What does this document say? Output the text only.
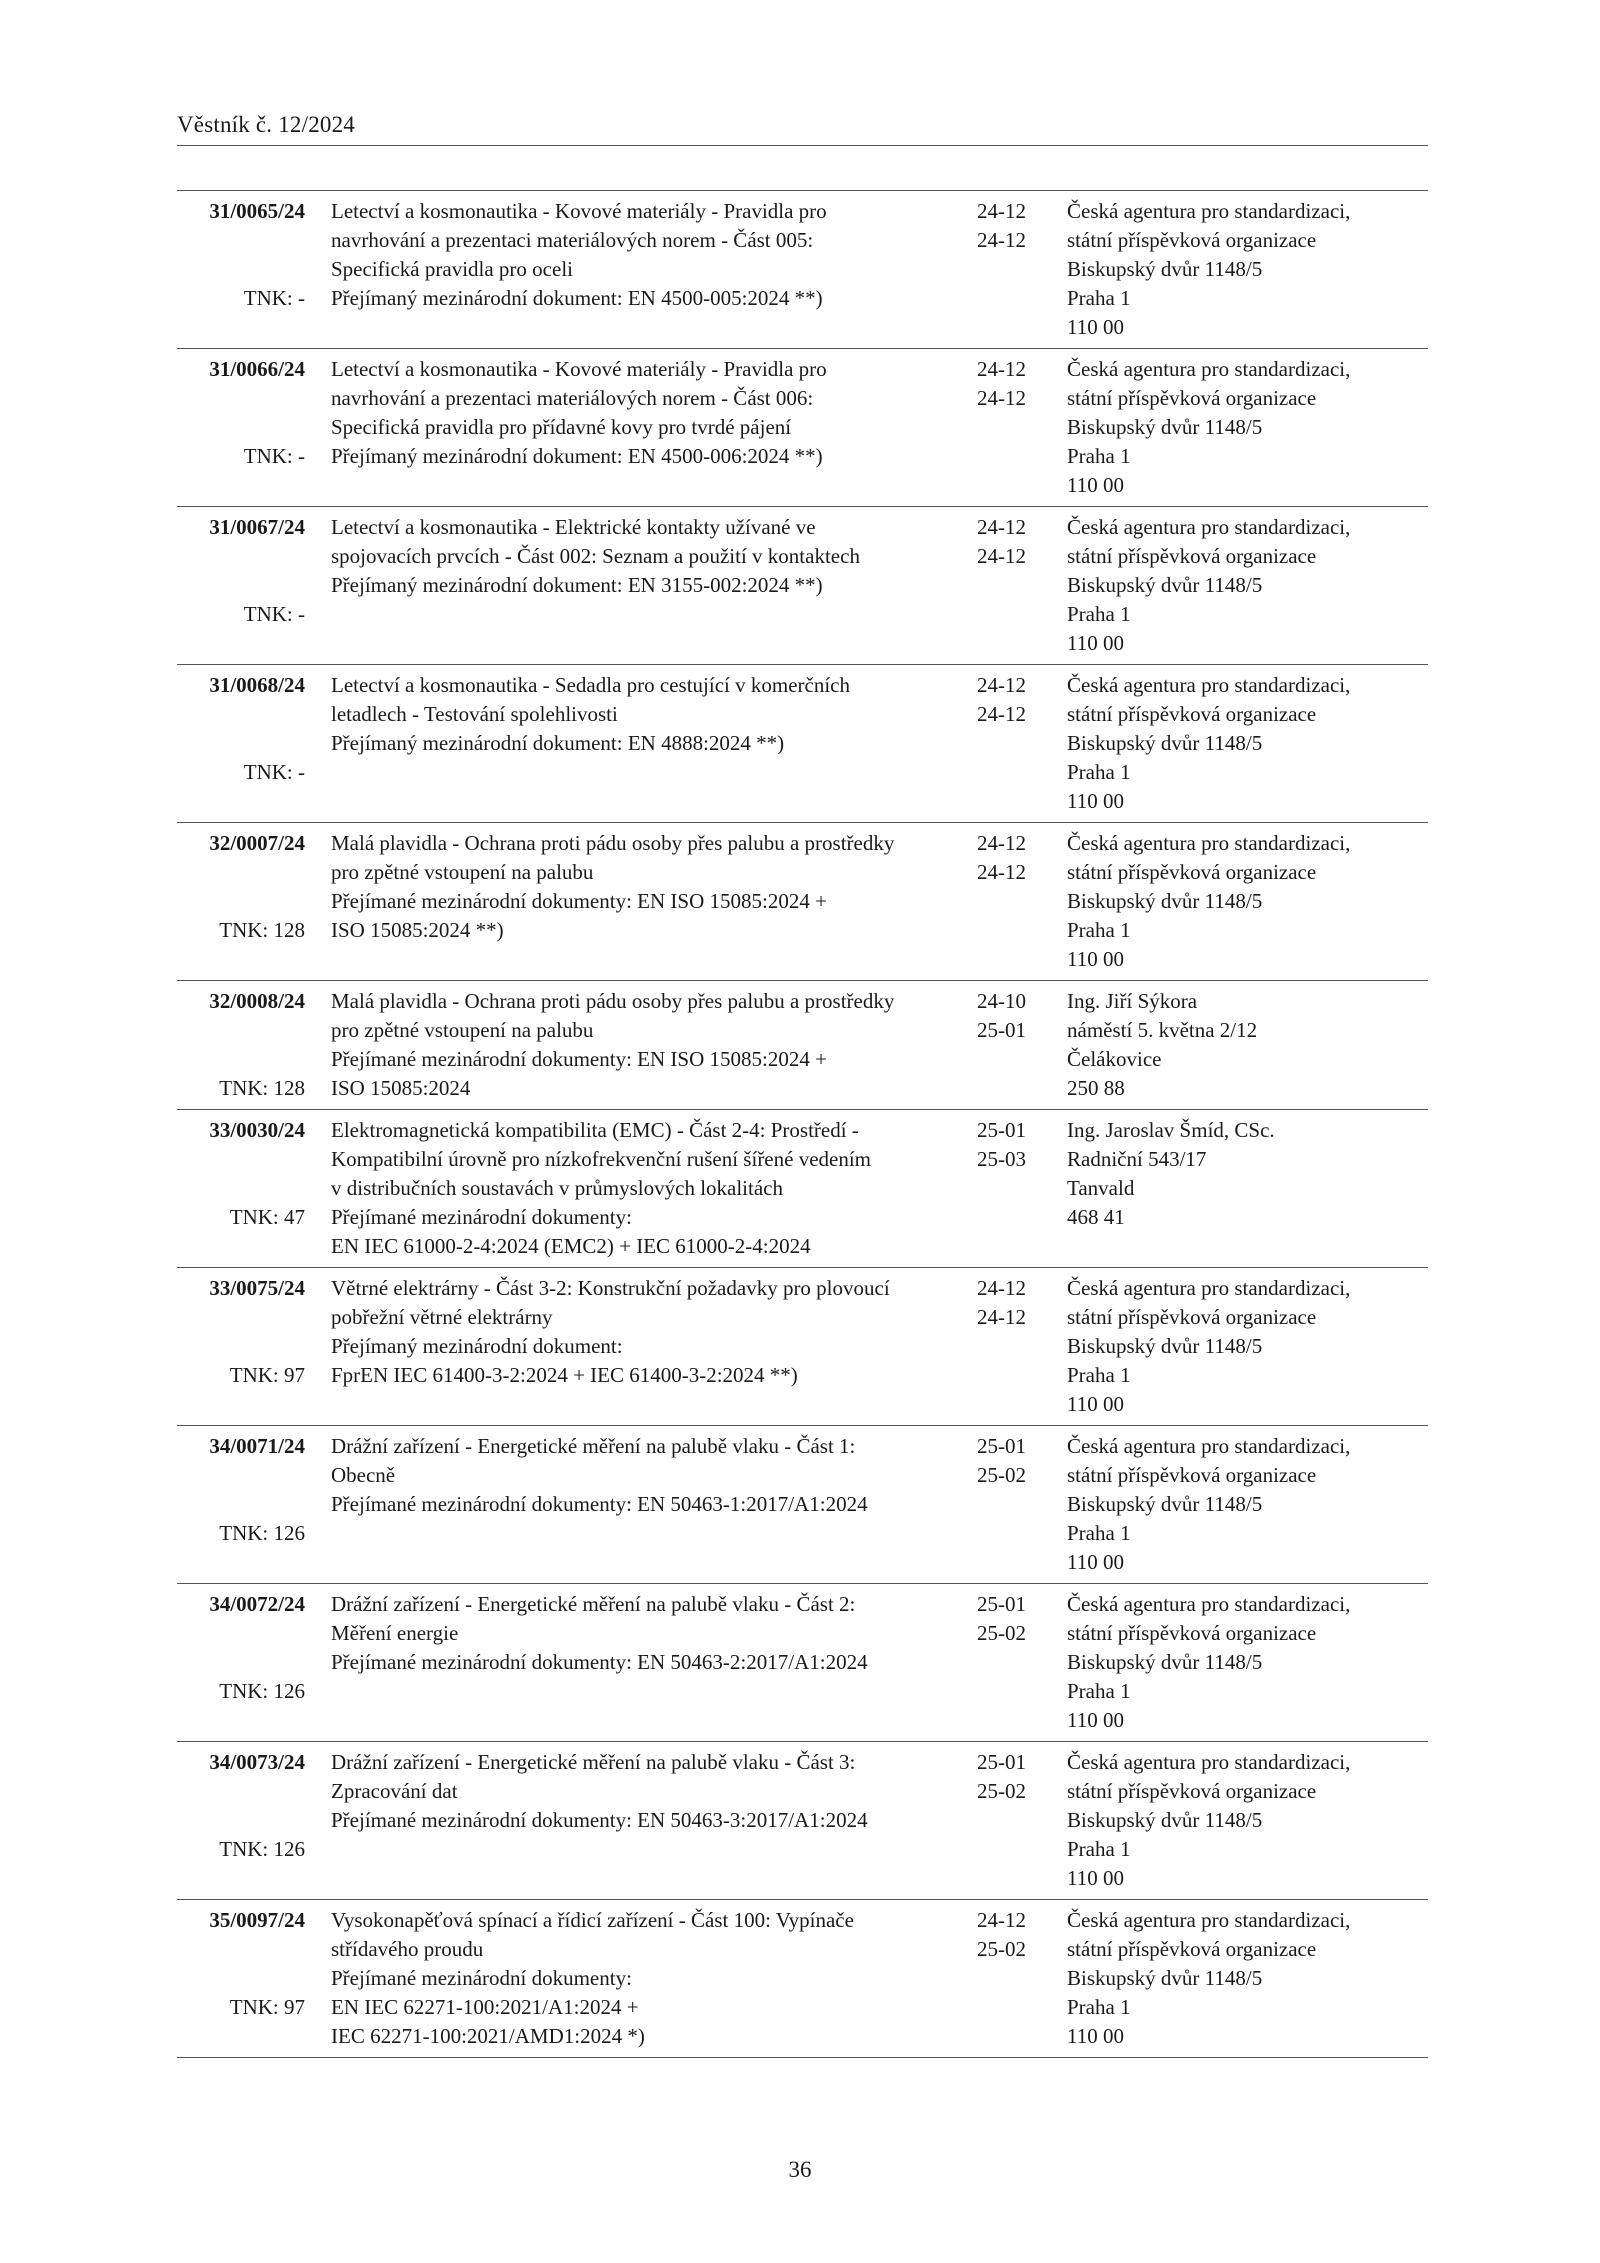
Věstník č. 12/2024
31/0065/24
TNK: -
Letectví a kosmonautika - Kovové materiály - Pravidla pro
navrhování a prezentaci materiálových norem - Část 005:
Specifická pravidla pro oceli
Přejímaný mezinárodní dokument: EN 4500-005:2024 **)
24-12
24-12
Česká agentura pro standardizaci,
státní příspěvková organizace
Biskupský dvůr 1148/5
Praha 1
110 00
31/0066/24
TNK: -
Letectví a kosmonautika - Kovové materiály - Pravidla pro
navrhování a prezentaci materiálových norem - Část 006:
Specifická pravidla pro přídavné kovy pro tvrdé pájení
Přejímaný mezinárodní dokument: EN 4500-006:2024 **)
24-12
24-12
Česká agentura pro standardizaci,
státní příspěvková organizace
Biskupský dvůr 1148/5
Praha 1
110 00
31/0067/24
TNK: -
Letectví a kosmonautika - Elektrické kontakty užívané ve
spojovacích prvcích - Část 002: Seznam a použití v kontaktech
Přejímaný mezinárodní dokument: EN 3155-002:2024 **)
24-12
24-12
Česká agentura pro standardizaci,
státní příspěvková organizace
Biskupský dvůr 1148/5
Praha 1
110 00
31/0068/24
TNK: -
Letectví a kosmonautika - Sedadla pro cestující v komerčních
letadlech - Testování spolehlivosti
Přejímaný mezinárodní dokument: EN 4888:2024 **)
24-12
24-12
Česká agentura pro standardizaci,
státní příspěvková organizace
Biskupský dvůr 1148/5
Praha 1
110 00
32/0007/24
TNK: 128
Malá plavidla - Ochrana proti pádu osoby přes palubu a prostředky
pro zpětné vstoupení na palubu
Přejímané mezinárodní dokumenty: EN ISO 15085:2024 +
ISO 15085:2024 **)
24-12
24-12
Česká agentura pro standardizaci,
státní příspěvková organizace
Biskupský dvůr 1148/5
Praha 1
110 00
32/0008/24
TNK: 128
Malá plavidla - Ochrana proti pádu osoby přes palubu a prostředky
pro zpětné vstoupení na palubu
Přejímané mezinárodní dokumenty: EN ISO 15085:2024 +
ISO 15085:2024
24-10
25-01
Ing. Jiří Sýkora
náměstí 5. května 2/12
Čelákovice
250 88
33/0030/24
TNK: 47
Elektromagnetická kompatibilita (EMC) - Část 2-4: Prostředí -
Kompatibilní úrovně pro nízkofrekvenční rušení šířené vedením
v distribučních soustavách v průmyslových lokalitách
Přejímané mezinárodní dokumenty:
EN IEC 61000-2-4:2024 (EMC2) + IEC 61000-2-4:2024
25-01
25-03
Ing. Jaroslav Šmíd, CSc.
Radniční 543/17
Tanvald
468 41
33/0075/24
TNK: 97
Větrné elektrárny - Část 3-2: Konstrukční požadavky pro plovoucí
pobřežní větrné elektrárny
Přejímaný mezinárodní dokument:
FprEN IEC 61400-3-2:2024 + IEC 61400-3-2:2024 **)
24-12
24-12
Česká agentura pro standardizaci,
státní příspěvková organizace
Biskupský dvůr 1148/5
Praha 1
110 00
34/0071/24
TNK: 126
Drážní zařízení - Energetické měření na palubě vlaku - Část 1:
Obecně
Přejímané mezinárodní dokumenty: EN 50463-1:2017/A1:2024
25-01
25-02
Česká agentura pro standardizaci,
státní příspěvková organizace
Biskupský dvůr 1148/5
Praha 1
110 00
34/0072/24
TNK: 126
Drážní zařízení - Energetické měření na palubě vlaku - Část 2:
Měření energie
Přejímané mezinárodní dokumenty: EN 50463-2:2017/A1:2024
25-01
25-02
Česká agentura pro standardizaci,
státní příspěvková organizace
Biskupský dvůr 1148/5
Praha 1
110 00
34/0073/24
TNK: 126
Drážní zařízení - Energetické měření na palubě vlaku - Část 3:
Zpracování dat
Přejímané mezinárodní dokumenty: EN 50463-3:2017/A1:2024
25-01
25-02
Česká agentura pro standardizaci,
státní příspěvková organizace
Biskupský dvůr 1148/5
Praha 1
110 00
35/0097/24
TNK: 97
Vysokonapěťová spínací a řídicí zařízení - Část 100: Vypínače
střídavého proudu
Přejímané mezinárodní dokumenty:
EN IEC 62271-100:2021/A1:2024 +
IEC 62271-100:2021/AMD1:2024 *)
24-12
25-02
Česká agentura pro standardizaci,
státní příspěvková organizace
Biskupský dvůr 1148/5
Praha 1
110 00
36
